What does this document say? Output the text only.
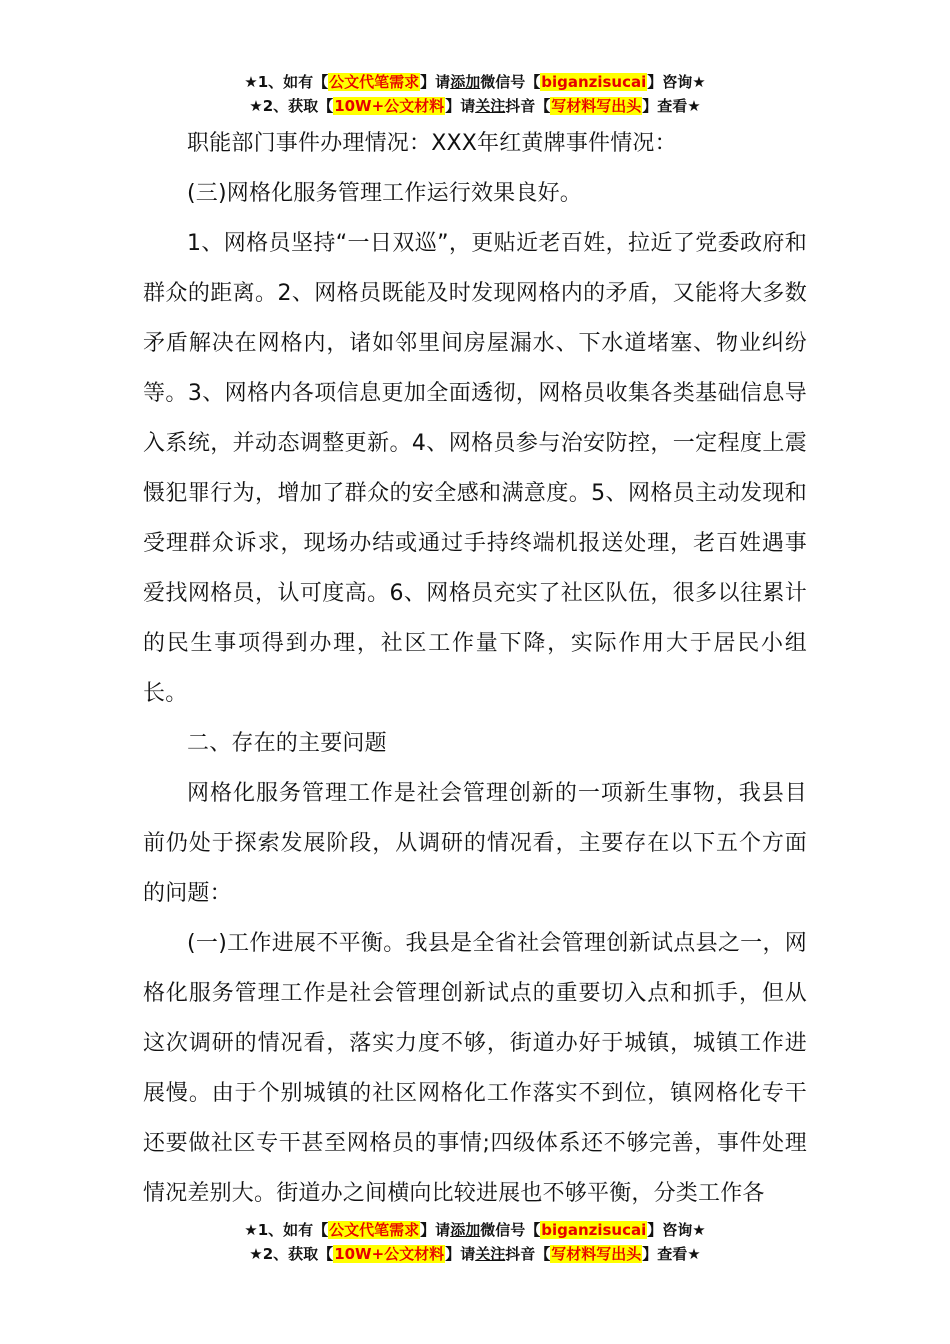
★1、如有【公文代笔需求】请添加微信号【biganzisucai】咨询★
★2、获取【10W+公文材料】请关注抖音【写材料写出头】查看★

职能部门事件办理情况：XXX年红黄牌事件情况：

(三)网格化服务管理工作运行效果良好。

1、网格员坚持“一日双巡”，更贴近老百姓，拉近了党委政府和群众的距离。2、网格员既能及时发现网格内的矛盾，又能将大多数矛盾解决在网格内，诸如邻里间房屋漏水、下水道堵塞、物业纠纷等。3、网格内各项信息更加全面透彻，网格员收集各类基础信息导入系统，并动态调整更新。4、网格员参与治安防控，一定程度上震慑犯罪行为，增加了群众的安全感和满意度。5、网格员主动发现和受理群众诉求，现场办结或通过手持终端机报送处理，老百姓遇事爱找网格员，认可度高。6、网格员充实了社区队伍，很多以往累计的民生事项得到办理，社区工作量下降，实际作用大于居民小组长。

二、存在的主要问题

网格化服务管理工作是社会管理创新的一项新生事物，我县目前仍处于探索发展阶段，从调研的情况看，主要存在以下五个方面的问题：

(一)工作进展不平衡。我县是全省社会管理创新试点县之一，网格化服务管理工作是社会管理创新试点的重要切入点和抓手，但从这次调研的情况看，落实力度不够，街道办好于城镇，城镇工作进展慢。由于个别城镇的社区网格化工作落实不到位，镇网格化专干还要做社区专干甚至网格员的事情;四级体系还不够完善，事件处理情况差别大。街道办之间横向比较进展也不够平衡，分类工作各

★1、如有【公文代笔需求】请添加微信号【biganzisucai】咨询★
★2、获取【10W+公文材料】请关注抖音【写材料写出头】查看★
